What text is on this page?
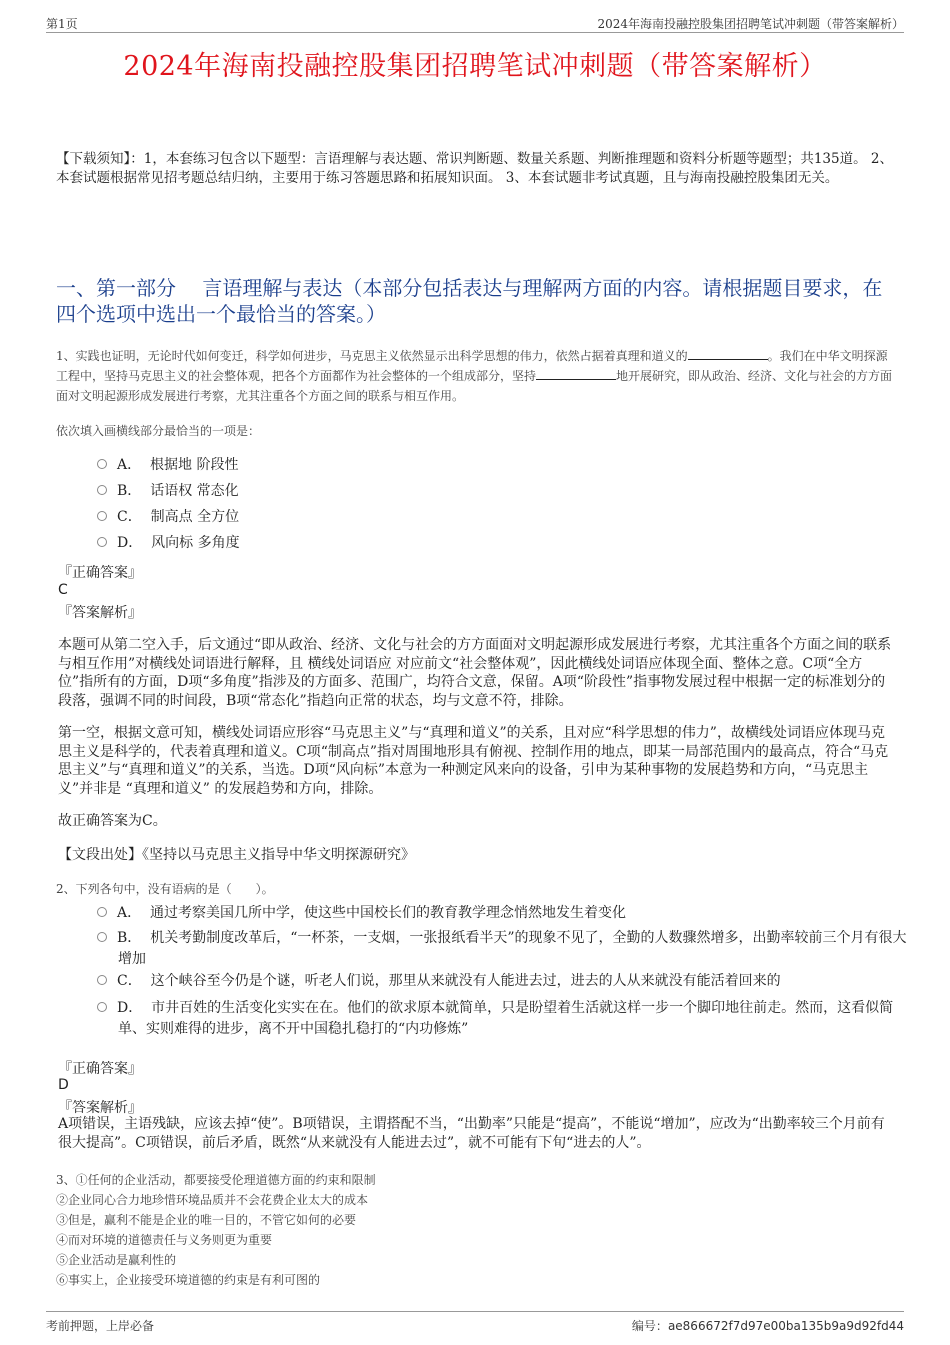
第1页	2024年海南投融控股集团招聘笔试冲刺题（带答案解析）
2024年海南投融控股集团招聘笔试冲刺题（带答案解析）
【下载须知】：1，本套练习包含以下题型：言语理解与表达题、常识判断题、数量关系题、判断推理题和资料分析题等题型；共135道。 2、本套试题根据常见招考题总结归纳，主要用于练习答题思路和拓展知识面。 3、本套试题非考试真题，且与海南投融控股集团无关。
一、第一部分　 言语理解与表达（本部分包括表达与理解两方面的内容。请根据题目要求，在四个选项中选出一个最恰当的答案。）
1、实践也证明，无论时代如何变迁，科学如何进步，马克思主义依然显示出科学思想的伟力，依然占据着真理和道义的	。我们在中华文明探源工程中，坚持马克思主义的社会整体观，把各个方面都作为社会整体的一个组成部分，坚持	地开展研究，即从政治、经济、文化与社会的方方面面对文明起源形成发展进行考察，尤其注重各个方面之间的联系与相互作用。
依次填入画横线部分最恰当的一项是：
A． 根据地 阶段性
B． 话语权 常态化
C． 制高点 全方位
D． 风向标 多角度
『正确答案』
C
『答案解析』
本题可从第二空入手，后文通过“即从政治、经济、文化与社会的方方面面对文明起源形成发展进行考察，尤其注重各个方面之间的联系与相互作用”对横线处词语进行解释，且 横线处词语应 对应前文“社会整体观”，因此横线处词语应体现全面、整体之意。C项“全方位”指所有的方面，D项“多角度”指涉及的方面多、范围广，均符合文意，保留。A项“阶段性”指事物发展过程中根据一定的标准划分的段落，强调不同的时间段，B项“常态化”指趋向正常的状态，均与文意不符，排除。
第一空，根据文意可知，横线处词语应形容“马克思主义”与“真理和道义”的关系，且对应“科学思想的伟力”，故横线处词语应体现马克思主义是科学的，代表着真理和道义。C项“制高点”指对周围地形具有俯视、控制作用的地点，即某一局部范围内的最高点，符合“马克思主义”与“真理和道义”的关系，当选。D项“风向标”本意为一种测定风来向的设备，引申为某种事物的发展趋势和方向，“马克思主义”并非是 “真理和道义” 的发展趋势和方向，排除。
故正确答案为C。
【文段出处】《坚持以马克思主义指导中华文明探源研究》
2、下列各句中，没有语病的是（　　）。
A． 通过考察美国几所中学，使这些中国校长们的教育教学理念悄然地发生着变化
B． 机关考勤制度改革后，“一杯茶，一支烟，一张报纸看半天”的现象不见了，全勤的人数骤然增多，出勤率较前三个月有很大增加
C． 这个峡谷至今仍是个谜，听老人们说，那里从来就没有人能进去过，进去的人从来就没有能活着回来的
D． 市井百姓的生活变化实实在在。他们的欲求原本就简单，只是盼望着生活就这样一步一个脚印地往前走。然而，这看似简单、实则难得的进步，离不开中国稳扎稳打的“内功修炼”
『正确答案』
D
『答案解析』
A项错误，主语残缺，应该去掉“使”。B项错误，主谓搭配不当，“出勤率”只能是“提高”，不能说“增加”，应改为“出勤率较三个月前有很大提高”。C项错误，前后矛盾，既然“从来就没有人能进去过”，就不可能有下旬“进去的人”。
3、①任何的企业活动，都要接受伦理道德方面的约束和限制
②企业同心合力地珍惜环境品质并不会花费企业太大的成本
③但是，赢利不能是企业的唯一目的，不管它如何的必要
④而对环境的道德责任与义务则更为重要
⑤企业活动是赢利性的
⑥事实上，企业接受环境道德的约束是有利可图的
考前押题，上岸必备	编号：ae866672f7d97e00ba135b9a9d92fd44
